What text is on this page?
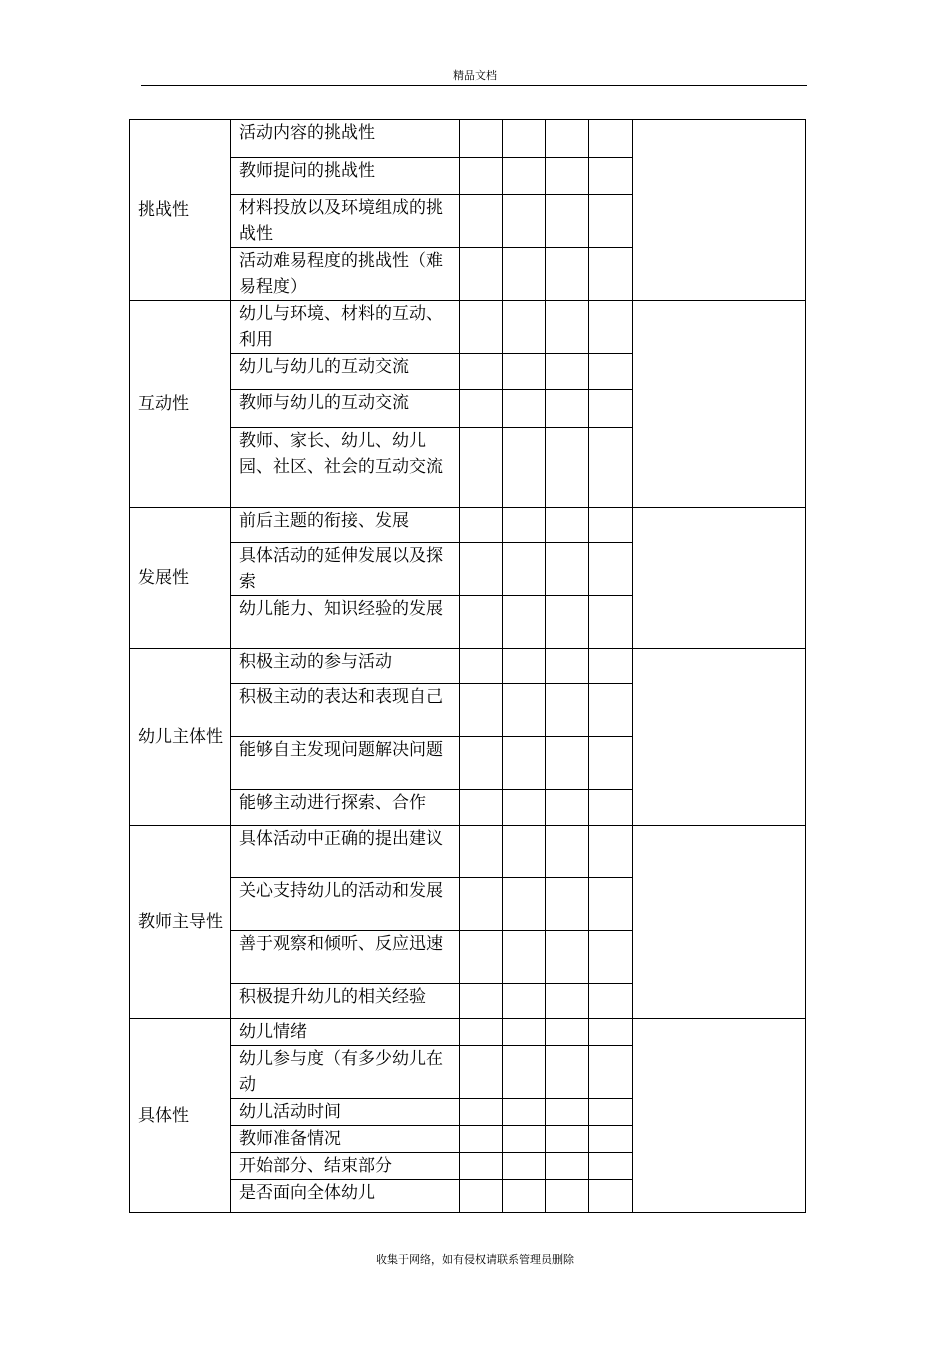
精品文档
挑战性	活动内容的挑战性					
	教师提问的挑战性					
	材料投放以及环境组成的挑战性					
	活动难易程度的挑战性（难易程度）					
互动性	幼儿与环境、材料的互动、利用					
	幼儿与幼儿的互动交流					
	教师与幼儿的互动交流					
	教师、家长、幼儿、幼儿园、社区、社会的互动交流					
发展性	前后主题的衔接、发展					
	具体活动的延伸发展以及探索					
	幼儿能力、知识经验的发展					
幼儿主体性	积极主动的参与活动					
	积极主动的表达和表现自己					
	能够自主发现问题解决问题					
	能够主动进行探索、合作					
教师主导性	具体活动中正确的提出建议					
	关心支持幼儿的活动和发展					
	善于观察和倾听、反应迅速					
	积极提升幼儿的相关经验					
具体性	幼儿情绪					
	幼儿参与度（有多少幼儿在动					
	幼儿活动时间					
	教师准备情况					
	开始部分、结束部分					
	是否面向全体幼儿					
收集于网络，如有侵权请联系管理员删除
